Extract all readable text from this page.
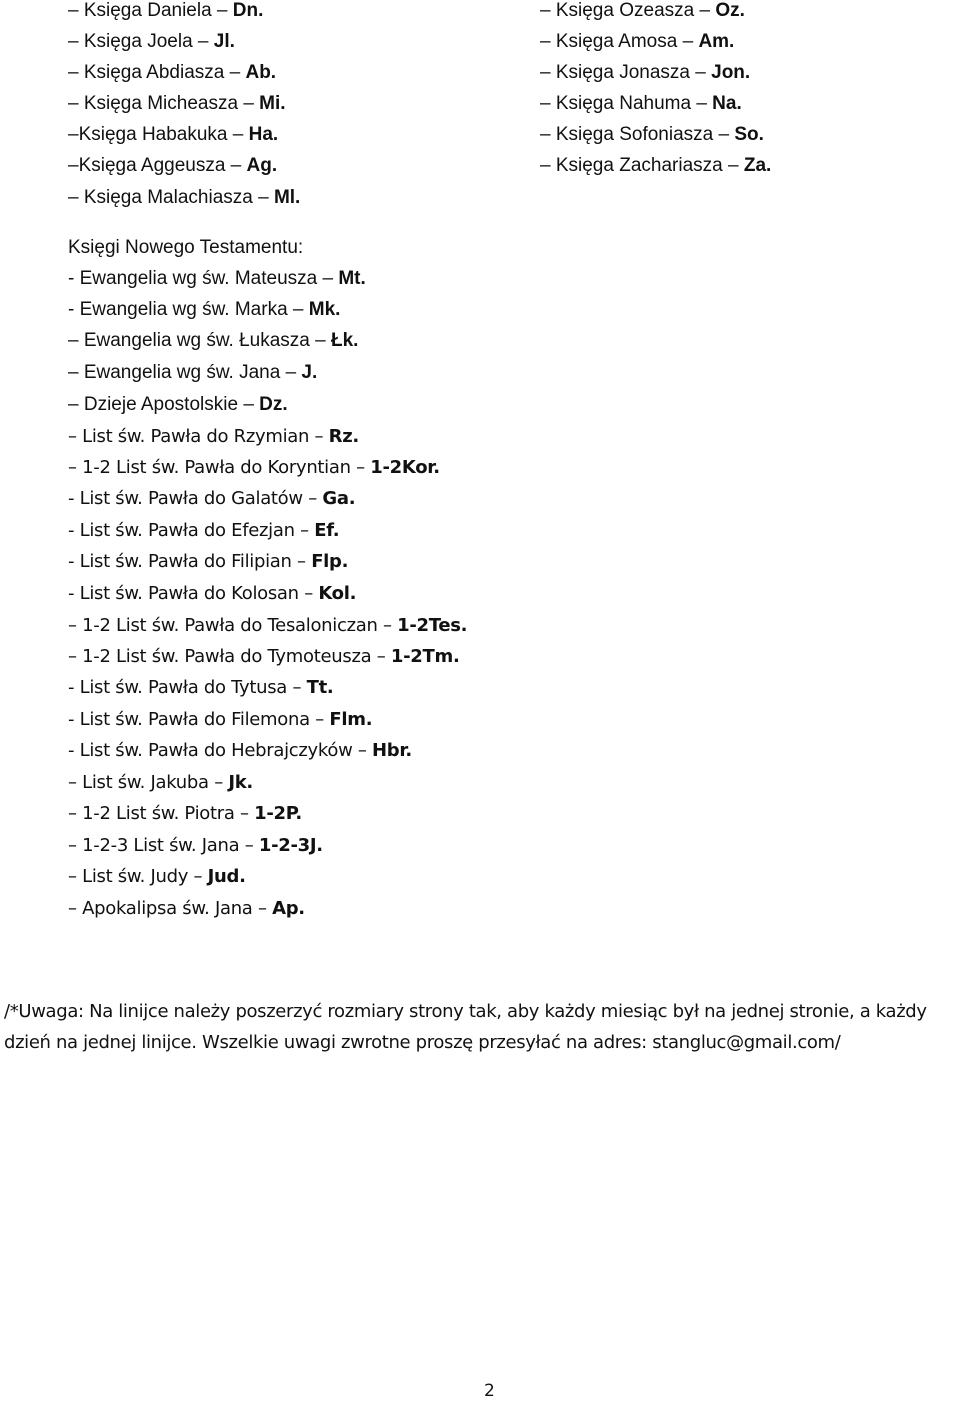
– Księga Daniela – Dn.
– Księga Joela – Jl.
– Księga Abdiasza – Ab.
– Księga Micheasza – Mi.
–Księga Habakuka – Ha.
–Księga Aggeusza – Ag.
– Księga Malachiasza – Ml.
– Księga Ozeasza – Oz.
– Księga Amosa – Am.
– Księga Jonasza – Jon.
– Księga Nahuma – Na.
– Księga Sofoniasza – So.
– Księga Zachariasza – Za.
Księgi Nowego Testamentu:
- Ewangelia wg św. Mateusza – Mt.
- Ewangelia wg św. Marka – Mk.
– Ewangelia wg św. Łukasza – Łk.
– Ewangelia wg św. Jana – J.
– Dzieje Apostolskie – Dz.
– List św. Pawła do Rzymian – Rz.
– 1-2 List św. Pawła do Koryntian – 1-2Kor.
- List św. Pawła do Galatów – Ga.
- List św. Pawła do Efezjan – Ef.
- List św. Pawła do Filipian – Flp.
- List św. Pawła do Kolosan – Kol.
– 1-2 List św. Pawła do Tesaloniczan – 1-2Tes.
– 1-2 List św. Pawła do Tymoteusza – 1-2Tm.
- List św. Pawła do Tytusa – Tt.
- List św. Pawła do Filemona – Flm.
- List św. Pawła do Hebrajczyków – Hbr.
– List św. Jakuba – Jk.
– 1-2 List św. Piotra – 1-2P.
– 1-2-3 List św. Jana – 1-2-3J.
– List św. Judy – Jud.
– Apokalipsa św. Jana – Ap.

/*Uwaga: Na linijce należy poszerzyć rozmiary strony tak, aby każdy miesiąc był na jednej stronie, a każdy dzień na jednej linijce. Wszelkie uwagi zwrotne proszę przesyłać na adres: stangluc@gmail.com/

2
